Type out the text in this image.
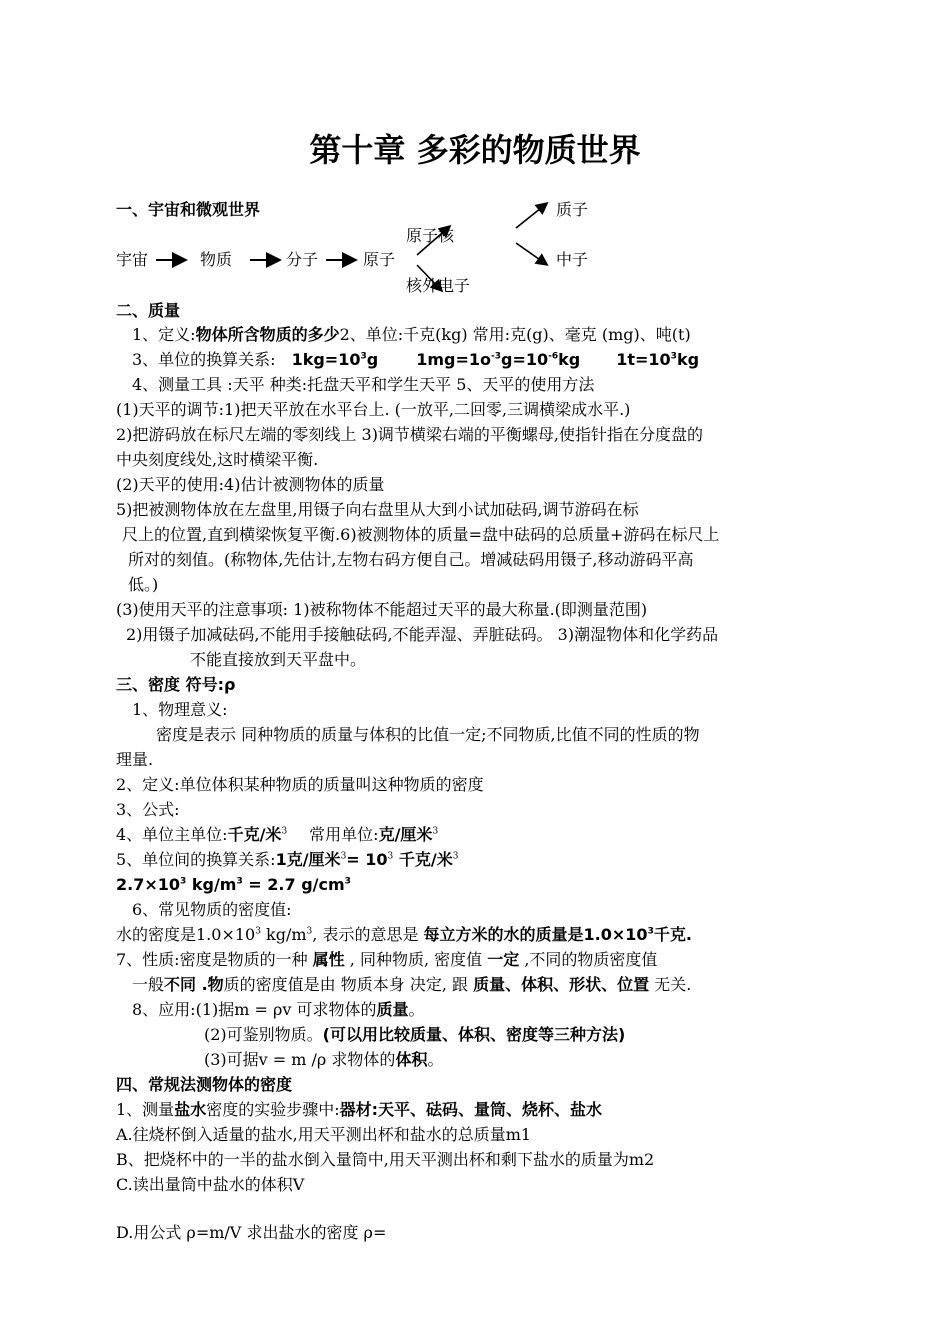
第十章 多彩的物质世界
一、宇宙和微观世界
宇宙	物质	分子	原子
原子核
核外电子
质子
中子
二、质量
1、定义:物体所含物质的多少2、单位:千克(kg) 常用:克(g)、毫克 (mg)、吨(t)
3、单位的换算关系: $1kg=10^3g$ $1mg=1o^{-3}g=10^{-6}kg$ $1t=10^3kg$
4、测量工具 :天平 种类:托盘天平和学生天平 5、天平的使用方法
(1)天平的调节:1)把天平放在水平台上. (一放平,二回零,三调横梁成水平.)
2)把游码放在标尺左端的零刻线上 3)调节横梁右端的平衡螺母,使指针指在分度盘的
中央刻度线处,这时横梁平衡.
(2)天平的使用:4)估计被测物体的质量
5)把被测物体放在左盘里,用镊子向右盘里从大到小试加砝码,调节游码在标
尺上的位置,直到横梁恢复平衡.6)被测物体的质量=盘中砝码的总质量+游码在标尺上
所对的刻值。(称物体,先估计,左物右码方便自己。增减砝码用镊子,移动游码平高
低。)
(3)使用天平的注意事项: 1)被称物体不能超过天平的最大称量.(即测量范围)
2)用镊子加减砝码,不能用手接触砝码,不能弄湿、弄脏砝码。 3)潮湿物体和化学药品
不能直接放到天平盘中。
三、密度 符号:ρ
1、物理意义:
密度是表示 同种物质的质量与体积的比值一定;不同物质,比值不同的性质的物
理量.
2、定义:单位体积某种物质的质量叫这种物质的密度
3、公式:
4、单位主单位:千克/米$^3$ 常用单位:克/厘米$^3$
5、单位间的换算关系:1克/厘米$^3= 10^3$ 千克/米$^3$
$2.7\times 10^3$ $kg/m^3 = 2.7$ $g/cm^3$
6、常见物质的密度值:
水的密度是$1.0\times 10^3$ $kg/m^3$, 表示的意思是 每立方米的水的质量是$1.0\times 10^3$千克.
7、性质:密度是物质的一种 属性 , 同种物质, 密度值 一定 ,不同的物质密度值
一般不同 .物质的密度值是由 物质本身 决定, 跟 质量、体积、形状、位置 无关.
8、应用:(1)据m = ρv 可求物体的质量。
(2)可鉴别物质。(可以用比较质量、体积、密度等三种方法)
(3)可据v = m /ρ 求物体的体积。
四、常规法测物体的密度
1、测量盐水密度的实验步骤中:器材:天平、砝码、量筒、烧杯、盐水
A.往烧杯倒入适量的盐水,用天平测出杯和盐水的总质量m1
B、把烧杯中的一半的盐水倒入量筒中,用天平测出杯和剩下盐水的质量为m2
C.读出量筒中盐水的体积V
D.用公式 ρ=m/V 求出盐水的密度 ρ=
